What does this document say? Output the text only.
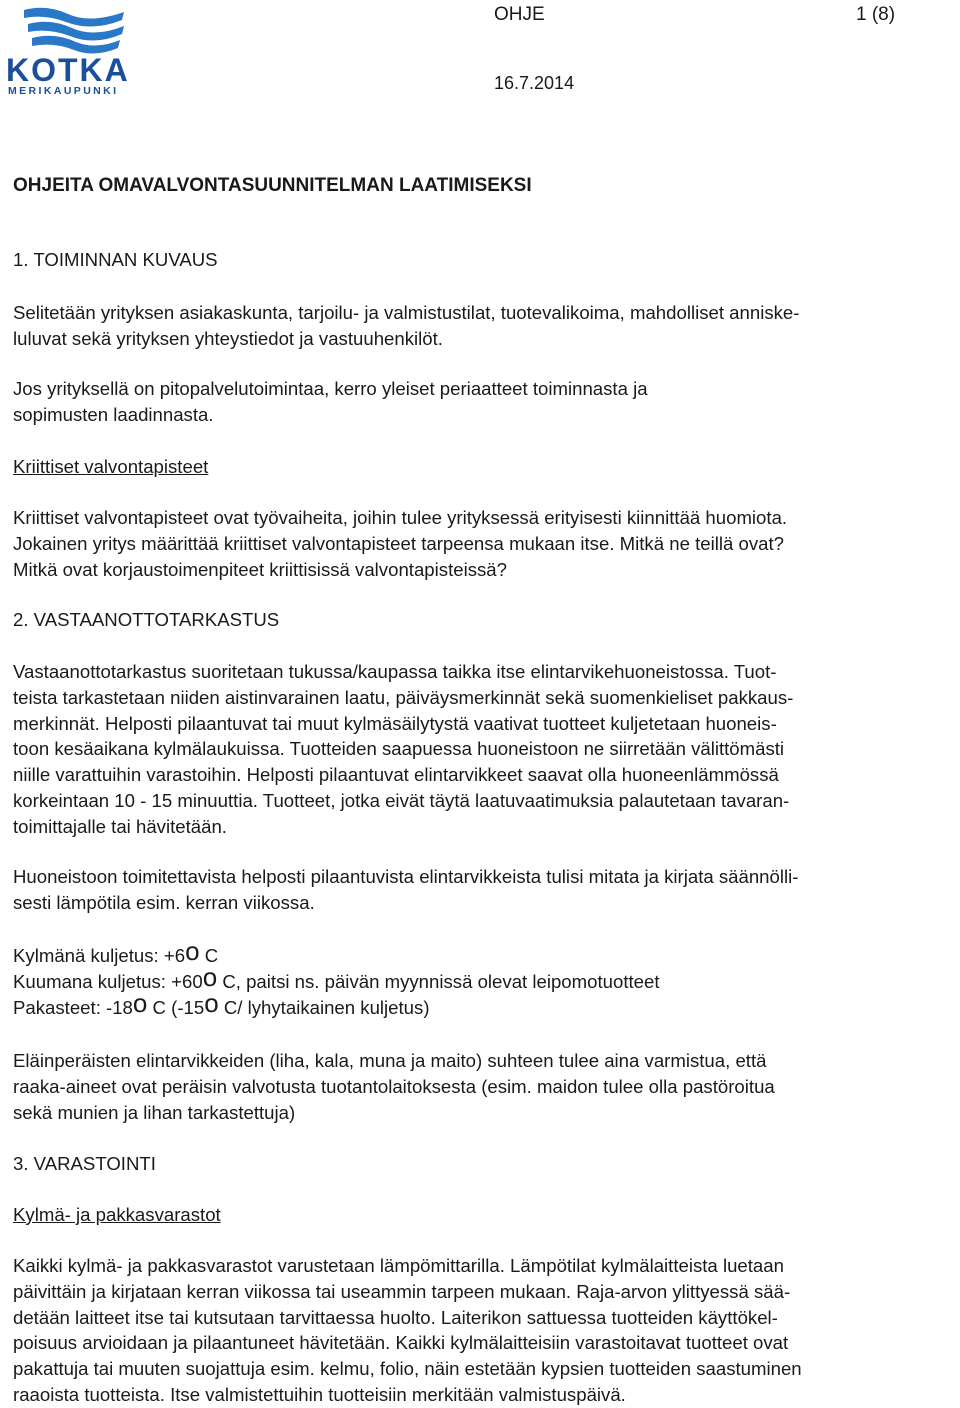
KOTKA
MERIKAUPUNKI
OHJE	1 (8)
16.7.2014
OHJEITA OMAVALVONTASUUNNITELMAN LAATIMISEKSI
1. TOIMINNAN KUVAUS
Selitetään yrityksen asiakaskunta, tarjoilu- ja valmistustilat, tuotevalikoima, mahdolliset anniske-
luluvat sekä yrityksen yhteystiedot ja vastuuhenkilöt.
Jos yrityksellä on pitopalvelutoimintaa, kerro yleiset periaatteet toiminnasta ja
sopimusten laadinnasta.
Kriittiset valvontapisteet
Kriittiset valvontapisteet ovat työvaiheita, joihin tulee yrityksessä erityisesti kiinnittää huomiota.
Jokainen yritys määrittää kriittiset valvontapisteet tarpeensa mukaan itse. Mitkä ne teillä ovat?
Mitkä ovat korjaustoimenpiteet kriittisissä valvontapisteissä?
2. VASTAANOTTOTARKASTUS
Vastaanottotarkastus suoritetaan tukussa/kaupassa taikka itse elintarvikehuoneistossa. Tuot-
teista tarkastetaan niiden aistinvarainen laatu, päiväysmerkinnät sekä suomenkieliset pakkaus-
merkinnät. Helposti pilaantuvat tai muut kylmäsäilytystä vaativat tuotteet kuljetetaan huoneis-
toon kesäaikana kylmälaukuissa. Tuotteiden saapuessa huoneistoon ne siirretään välittömästi
niille varattuihin varastoihin. Helposti pilaantuvat elintarvikkeet saavat olla huoneenlämmössä
korkeintaan 10 - 15 minuuttia. Tuotteet, jotka eivät täytä laatuvaatimuksia palautetaan tavaran-
toimittajalle tai hävitetään.
Huoneistoon toimitettavista helposti pilaantuvista elintarvikkeista tulisi mitata ja kirjata säännölli-
sesti lämpötila esim. kerran viikossa.
Kylmänä kuljetus: $+6^o$ C
Kuumana kuljetus: $+60^o$ C, paitsi ns. päivän myynnissä olevat leipomotuotteet
Pakasteet: -18$^o$ C (-15$^o$ C/ lyhytaikainen kuljetus)
Eläinperäisten elintarvikkeiden (liha, kala, muna ja maito) suhteen tulee aina varmistua, että
raaka-aineet ovat peräisin valvotusta tuotantolaitoksesta (esim. maidon tulee olla pastöroitua
sekä munien ja lihan tarkastettuja)
3. VARASTOINTI
Kylmä- ja pakkasvarastot
Kaikki kylmä- ja pakkasvarastot varustetaan lämpömittarilla. Lämpötilat kylmälaitteista luetaan
päivittäin ja kirjataan kerran viikossa tai useammin tarpeen mukaan. Raja-arvon ylittyessä sää-
detään laitteet itse tai kutsutaan tarvittaessa huolto. Laiterikon sattuessa tuotteiden käyttökel-
poisuus arvioidaan ja pilaantuneet hävitetään. Kaikki kylmälaitteisiin varastoitavat tuotteet ovat
pakattuja tai muuten suojattuja esim. kelmu, folio, näin estetään kypsien tuotteiden saastuminen
raaoista tuotteista. Itse valmistettuihin tuotteisiin merkitään valmistuspäivä.
